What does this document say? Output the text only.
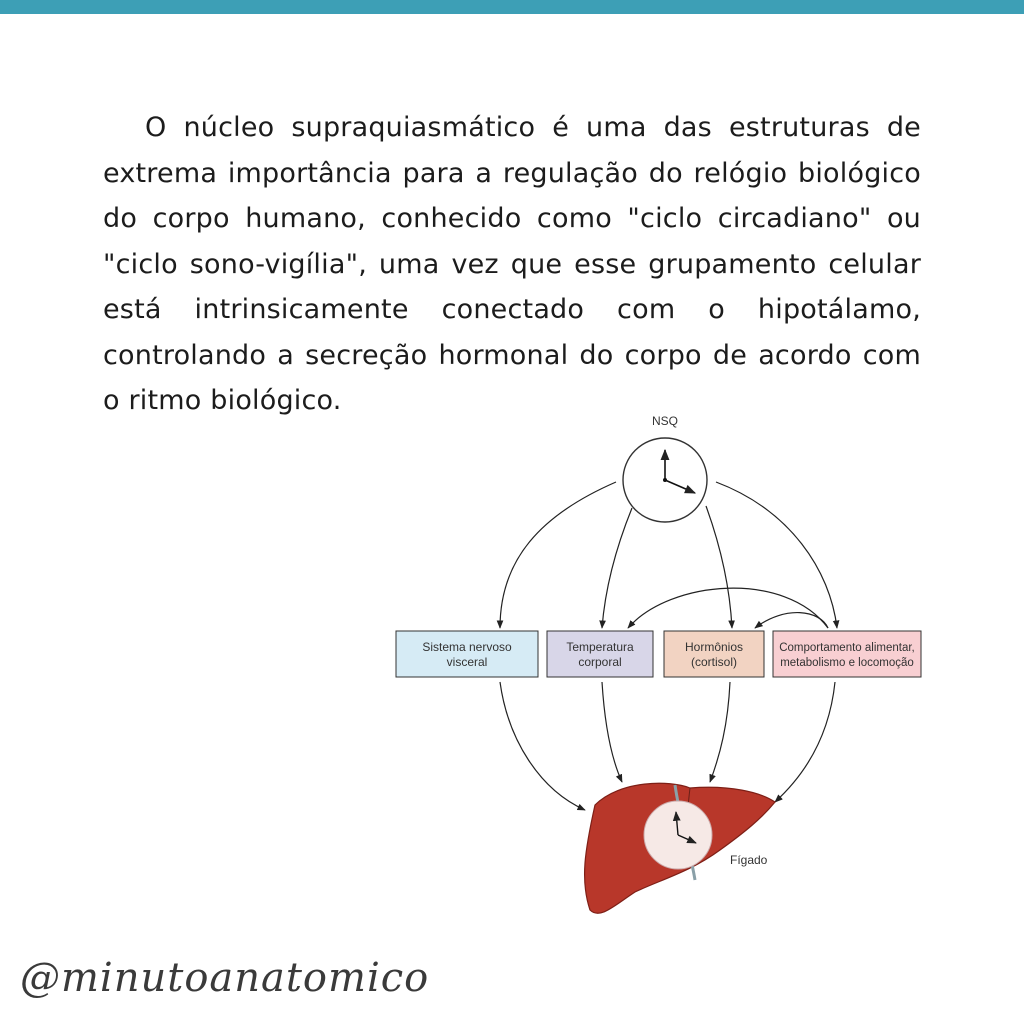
O núcleo supraquiasmático é uma das estruturas de extrema importância para a regulação do relógio biológico do corpo humano, conhecido como "ciclo circadiano" ou "ciclo sono-vigília", uma vez que esse grupamento celular está intrinsicamente conectado com o hipotálamo, controlando a secreção hormonal do corpo de acordo com o ritmo biológico.

NSQ
Sistema nervoso
visceral
Temperatura
corporal
Hormônios
(cortisol)
Comportamento alimentar,
metabolismo e locomoção
Fígado

@minutoanatomico
